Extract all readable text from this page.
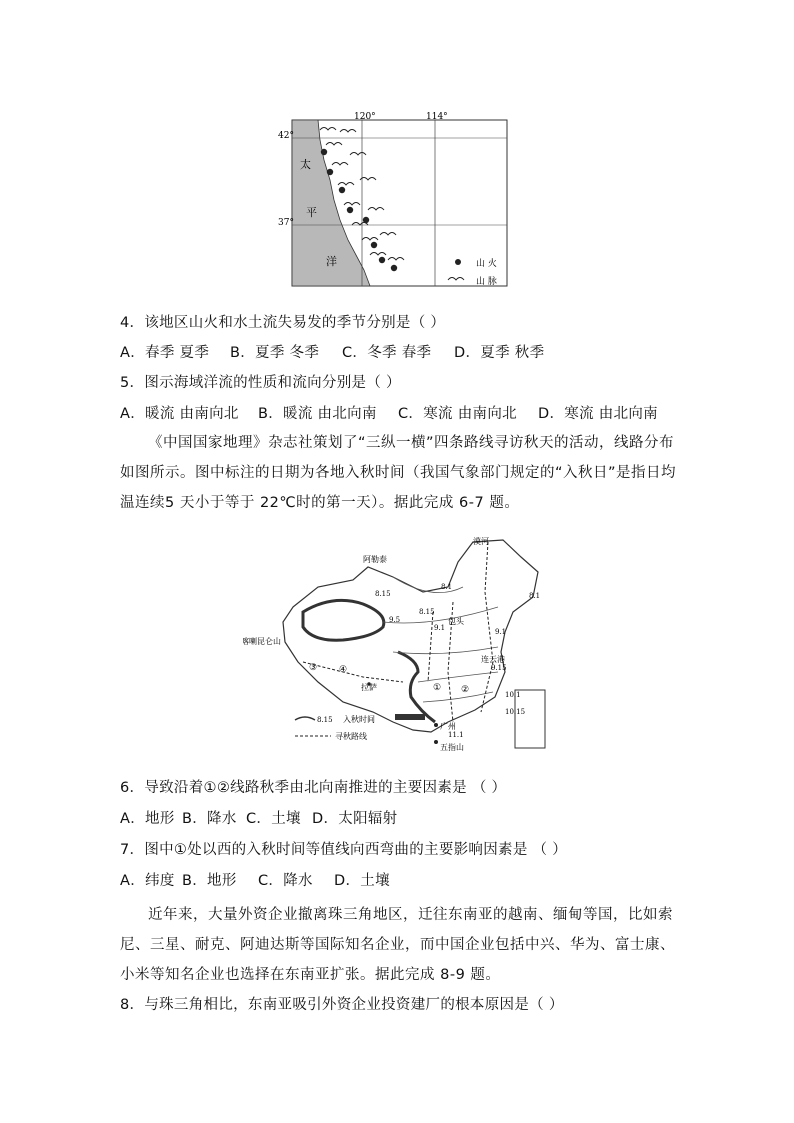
42°
37°
120°	114°
太
平
洋	山 火
山 脉
4．该地区山火和水土流失易发的季节分别是（ ）
A．春季 夏季 B．夏季 冬季 C．冬季 春季 D．夏季 秋季
5．图示海域洋流的性质和流向分别是（ ）
A．暖流 由南向北 B．暖流 由北向南 C．寒流 由南向北 D．寒流 由北向南
《中国国家地理》杂志社策划了“三纵一横”四条路线寻访秋天的活动，线路分布如图所示。图中标注的日期为各地入秋时间（我国气象部门规定的“入秋日”是指日均温连续5 天小于等于 22℃时的第一天）。据此完成 6-7 题。
漠河
阿勒泰
喀喇昆仑山
拉萨
连云港
广州
五指山
包头
8.15
8.1
8.1
8.15
9.5
9.1	9.1
9.15
10.1
10.15
11.1
① ②
③ ④
8.15 入秋时间
寻秋路线
6．导致沿着①②线路秋季由北向南推进的主要因素是 （ ）
A．地形 B．降水 C．土壤 D．太阳辐射
7．图中①处以西的入秋时间等值线向西弯曲的主要影响因素是 （ ）
A．纬度 B．地形 C．降水 D．土壤
近年来，大量外资企业撤离珠三角地区，迁往东南亚的越南、缅甸等国，比如索尼、三星、耐克、阿迪达斯等国际知名企业，而中国企业包括中兴、华为、富士康、小米等知名企业也选择在东南亚扩张。据此完成 8-9 题。
8．与珠三角相比，东南亚吸引外资企业投资建厂的根本原因是（ ）
